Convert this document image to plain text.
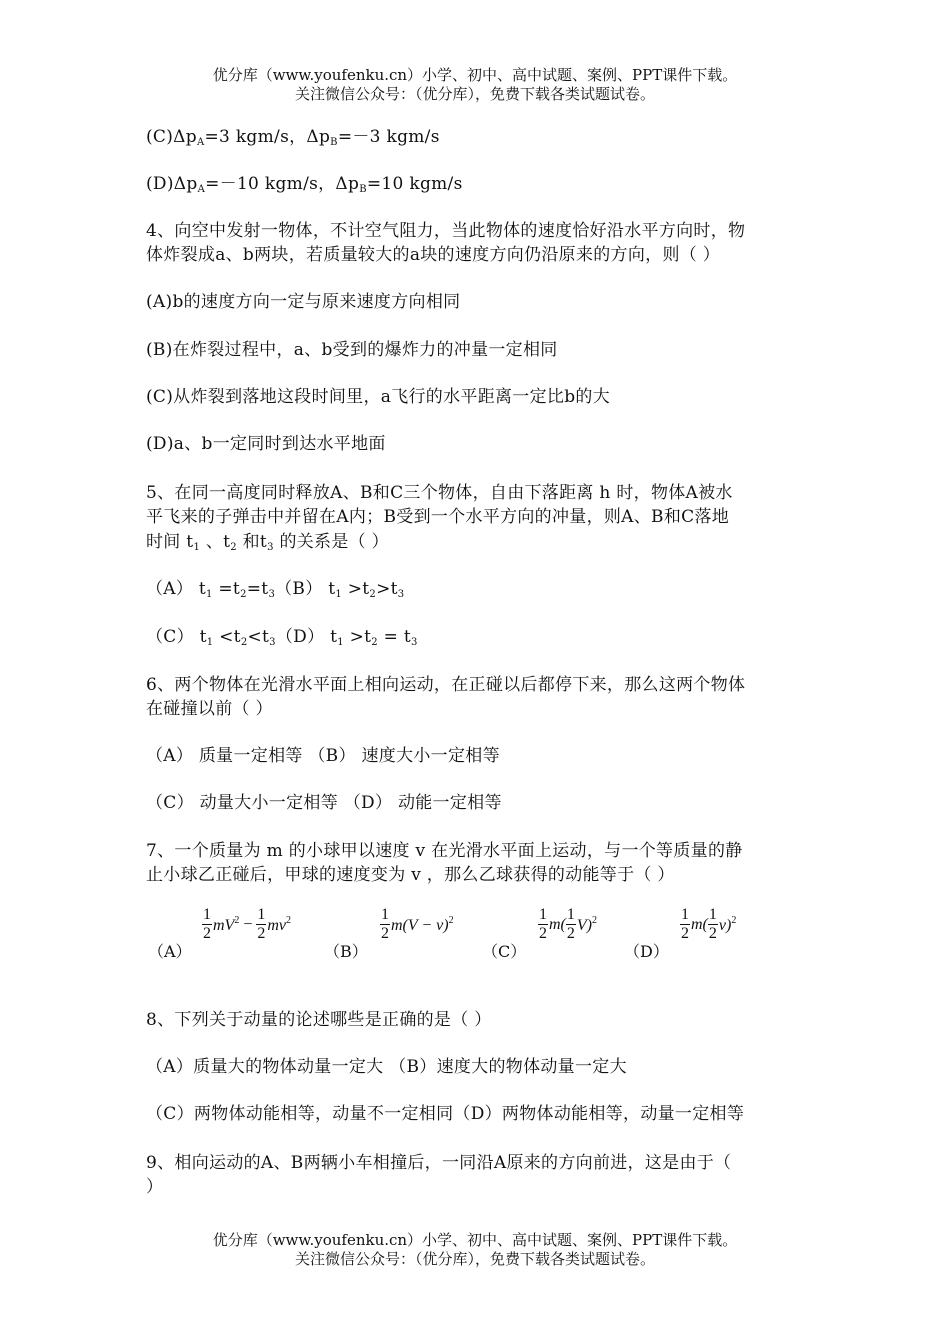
优分库（www.youfenku.cn）小学、初中、高中试题、案例、PPT课件下载。
关注微信公众号：（优分库），免费下载各类试题试卷。
$(C)\Delta p_A=3$ kgm/s，$\Delta p_B=-3$ kgm/s
$(D)\Delta p_A=-10$ kgm/s，$\Delta p_B=10$ kgm/s
4、向空中发射一物体，不计空气阻力，当此物体的速度恰好沿水平方向时，物
体炸裂成a、b两块，若质量较大的a块的速度方向仍沿原来的方向，则（ ）
(A)b的速度方向一定与原来速度方向相同
(B)在炸裂过程中，a、b受到的爆炸力的冲量一定相同
(C)从炸裂到落地这段时间里，a飞行的水平距离一定比b的大
(D)a、b一定同时到达水平地面
5、在同一高度同时释放A、B和C三个物体，自由下落距离 h 时，物体A被水
平飞来的子弹击中并留在A内；B受到一个水平方向的冲量，则A、B和C落地
时间 $t_1$ 、$t_2$ 和$t_3$ 的关系是（ ）
（A） $t_1 =t_2=t_3(B)$ $t_1 >t_2>t_3$
（C） $t_1 <t_2<t_3(D)$ $t_1 >t_2 = t_3$
6、两个物体在光滑水平面上相向运动，在正碰以后都停下来，那么这两个物体
在碰撞以前（ ）
（A） 质量一定相等 （B） 速度大小一定相等
（C） 动量大小一定相等 （D） 动能一定相等
7、一个质量为 m 的小球甲以速度 v 在光滑水平面上运动，与一个等质量的静
止小球乙正碰后，甲球的速度变为 v ，那么乙球获得的动能等于（ ）
（A）
$\frac{1}{2} mV^2 - \frac{1}{2} mv^2$
（B）
$\frac{1}{2} m(V - v)^2$
（C）
$\frac{1}{2} m( \frac{1}{2} V)^2$
（D）
$\frac{1}{2} m( \frac{1}{2} v)^2$
8、下列关于动量的论述哪些是正确的是（ ）
（A）质量大的物体动量一定大 （B）速度大的物体动量一定大
（C）两物体动能相等，动量不一定相同（D）两物体动能相等，动量一定相等
9、相向运动的A、B两辆小车相撞后，一同沿A原来的方向前进，这是由于（
）
优分库（www.youfenku.cn）小学、初中、高中试题、案例、PPT课件下载。
关注微信公众号：（优分库），免费下载各类试题试卷。
